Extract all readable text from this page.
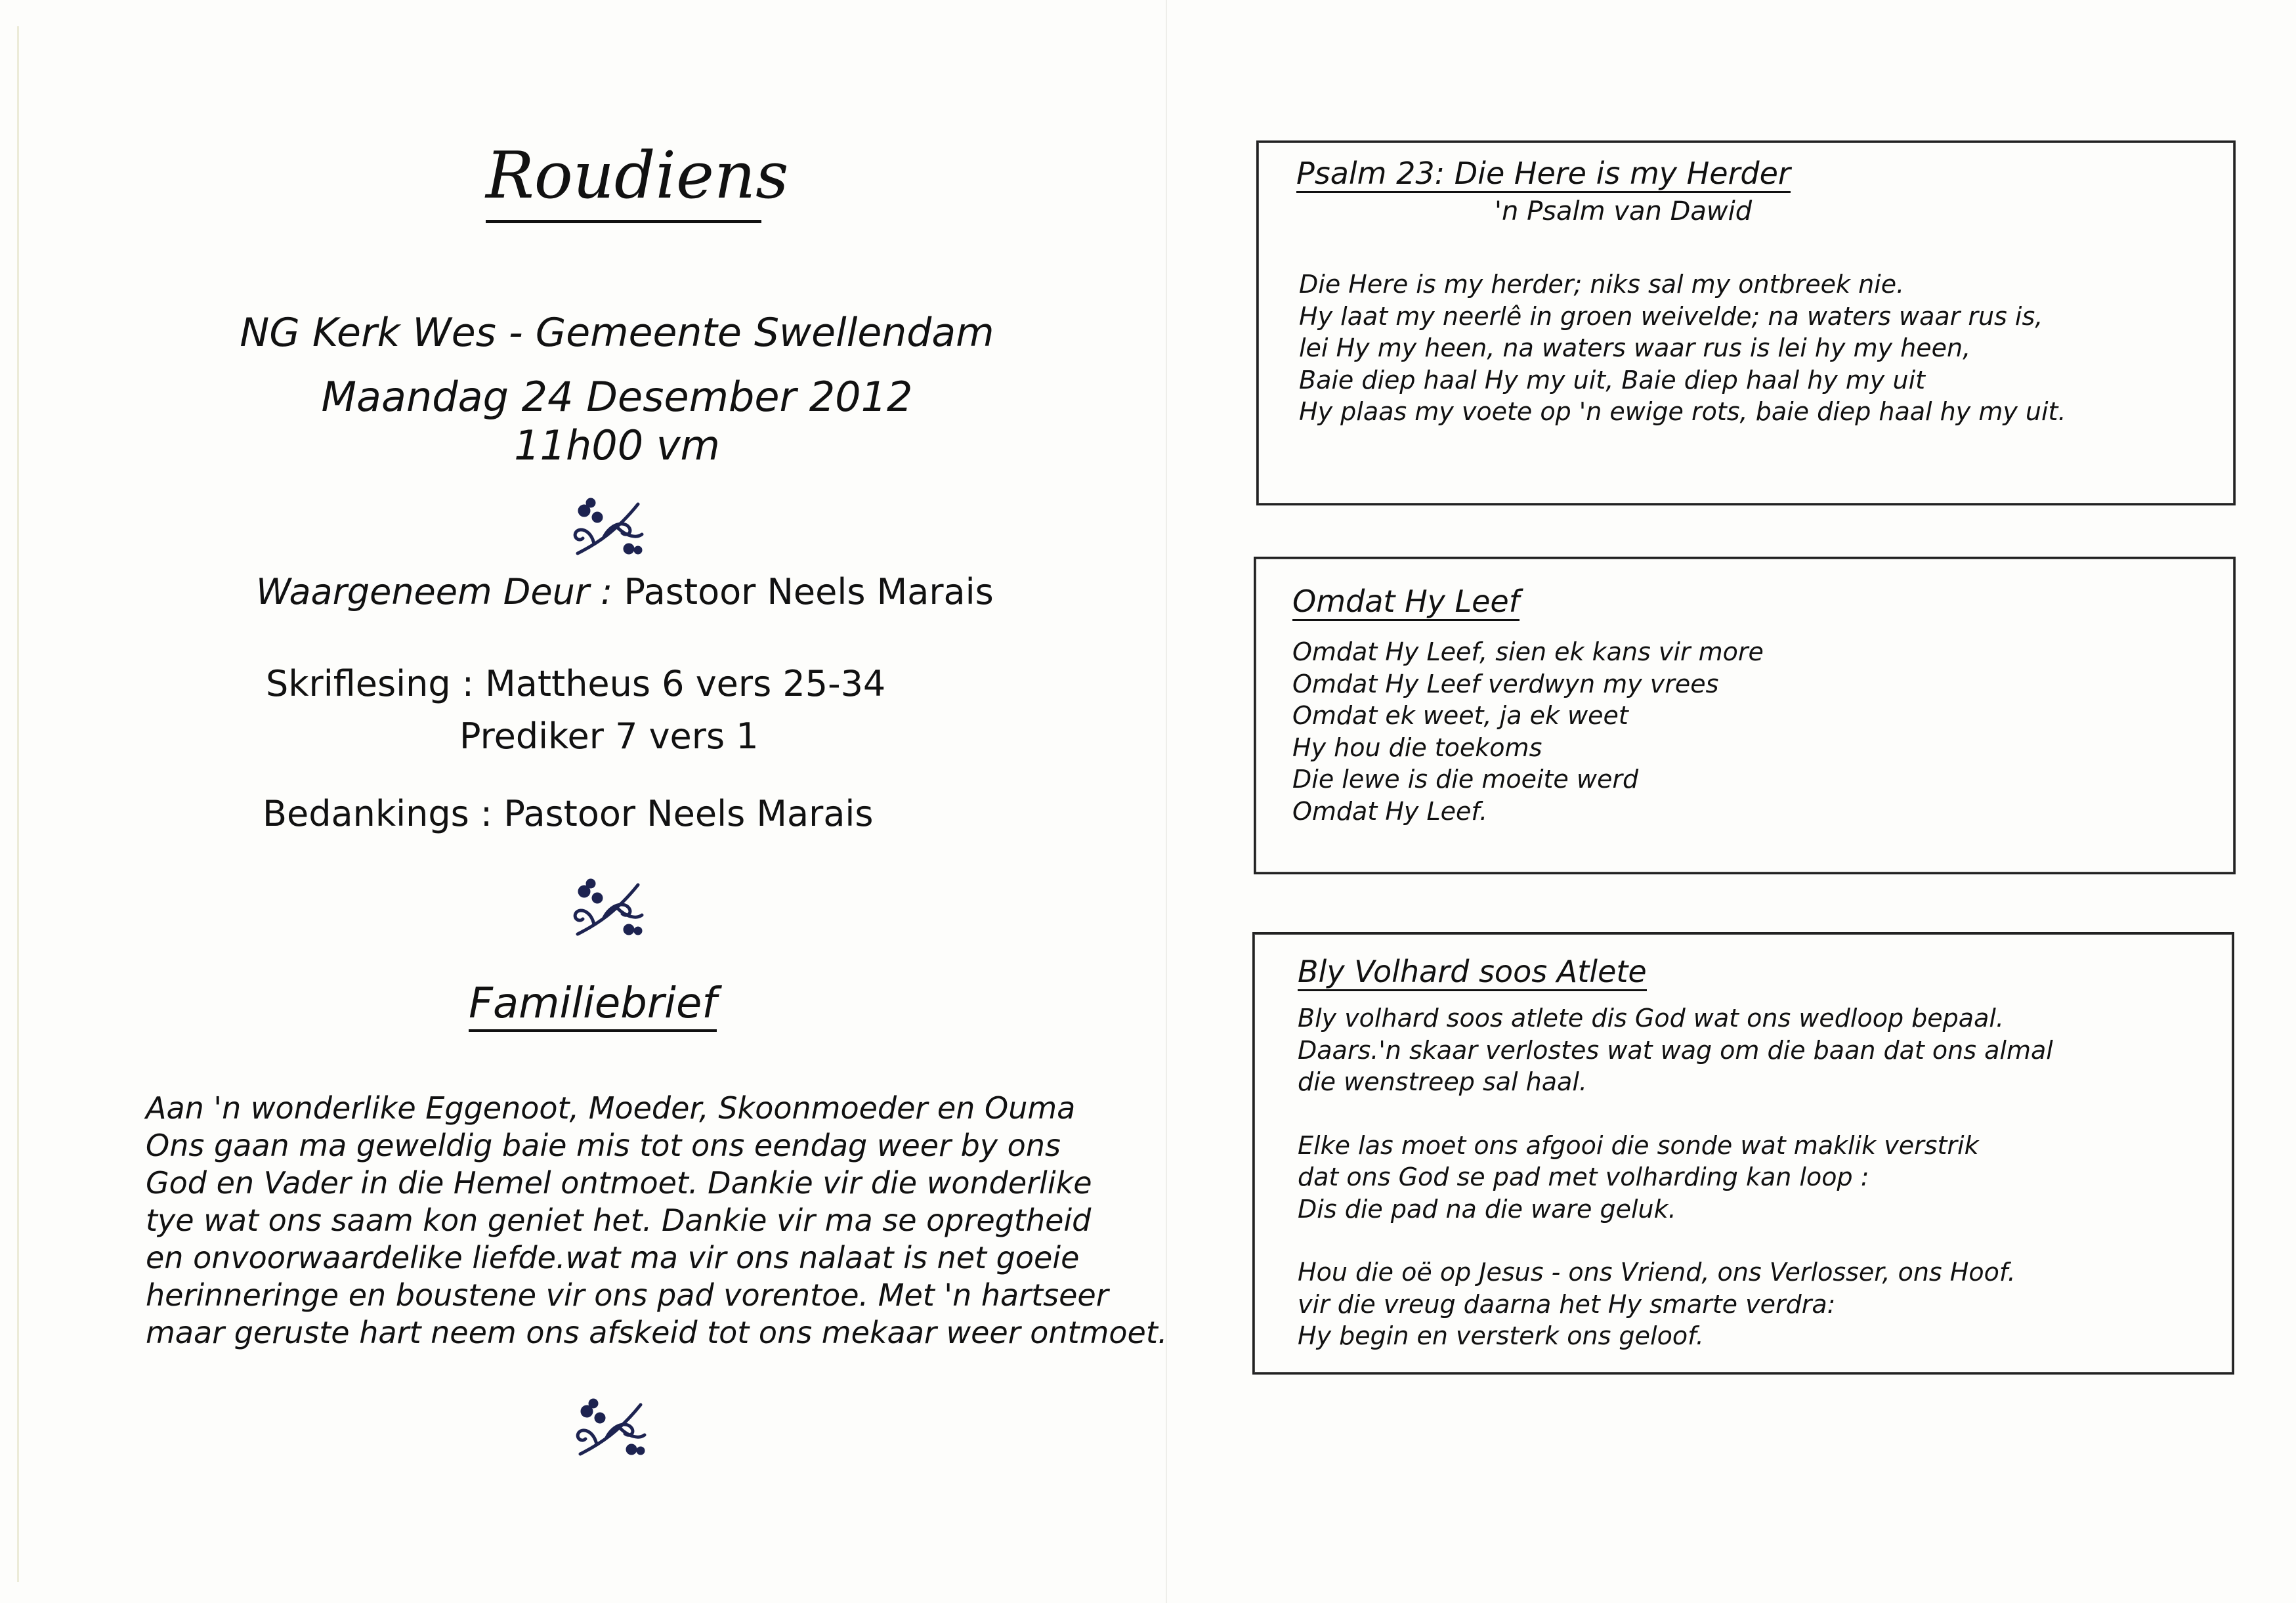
Roudiens
NG Kerk Wes - Gemeente Swellendam
Maandag 24 Desember 2012
11h00 vm
Waargeneem Deur : Pastoor Neels Marais
Skriflesing : Mattheus 6 vers 25-34
Prediker 7 vers 1
Bedankings : Pastoor Neels Marais
Familiebrief
Aan 'n wonderlike Eggenoot, Moeder, Skoonmoeder en Ouma
Ons gaan ma geweldig baie mis tot ons eendag weer by ons
God en Vader in die Hemel ontmoet. Dankie vir die wonderlike
tye wat ons saam kon geniet het. Dankie vir ma se opregtheid
en onvoorwaardelike liefde.wat ma vir ons nalaat is net goeie
herinneringe en boustene vir ons pad vorentoe. Met 'n hartseer
maar geruste hart neem ons afskeid tot ons mekaar weer ontmoet.
Psalm 23: Die Here is my Herder
'n Psalm van Dawid
Die Here is my herder; niks sal my ontbreek nie.
Hy laat my neerlê in groen weivelde; na waters waar rus is,
lei Hy my heen, na waters waar rus is lei hy my heen,
Baie diep haal Hy my uit, Baie diep haal hy my uit
Hy plaas my voete op 'n ewige rots, baie diep haal hy my uit.
Omdat Hy Leef
Omdat Hy Leef, sien ek kans vir more
Omdat Hy Leef verdwyn my vrees
Omdat ek weet, ja ek weet
Hy hou die toekoms
Die lewe is die moeite werd
Omdat Hy Leef.
Bly Volhard soos Atlete
Bly volhard soos atlete dis God wat ons wedloop bepaal.
Daars.'n skaar verlostes wat wag om die baan dat ons almal
die wenstreep sal haal.
Elke las moet ons afgooi die sonde wat maklik verstrik
dat ons God se pad met volharding kan loop :
Dis die pad na die ware geluk.
Hou die oë op Jesus - ons Vriend, ons Verlosser, ons Hoof.
vir die vreug daarna het Hy smarte verdra:
Hy begin en versterk ons geloof.
